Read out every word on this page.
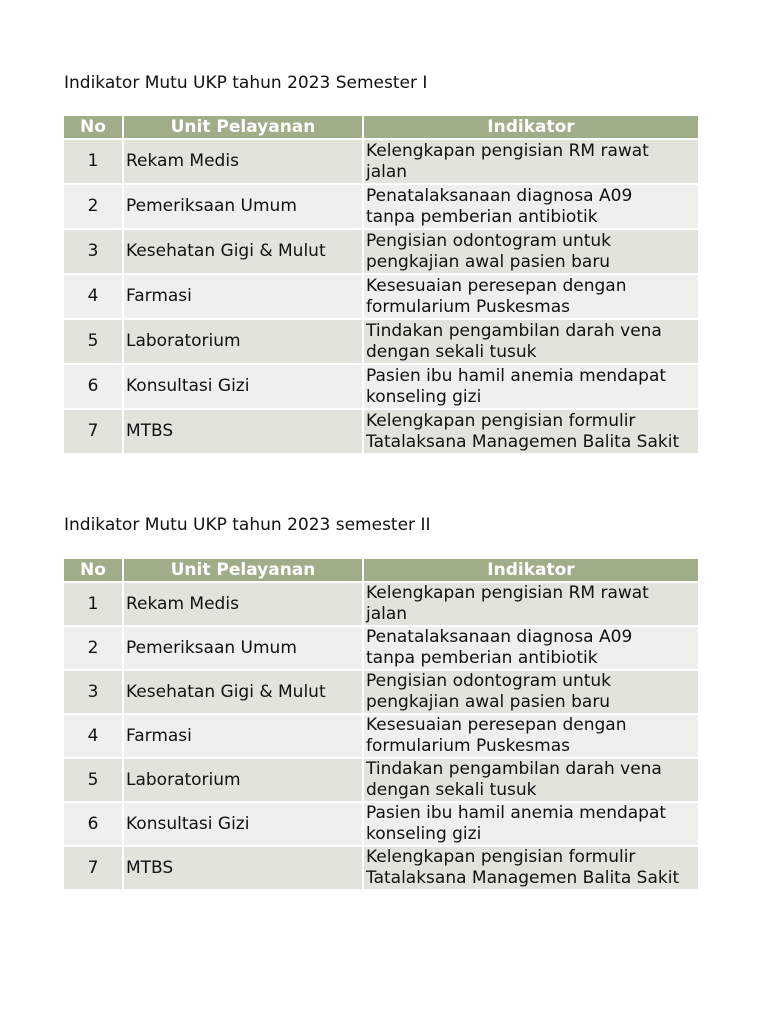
Indikator Mutu UKP tahun 2023 Semester I
No	Unit Pelayanan	Indikator
1	Rekam Medis	Kelengkapan pengisian RM rawat
jalan
2	Pemeriksaan Umum	Penatalaksanaan diagnosa A09
tanpa pemberian antibiotik
3	Kesehatan Gigi & Mulut	Pengisian odontogram untuk
pengkajian awal pasien baru
4	Farmasi	Kesesuaian peresepan dengan
formularium Puskesmas
5	Laboratorium	Tindakan pengambilan darah vena
dengan sekali tusuk
6	Konsultasi Gizi	Pasien ibu hamil anemia mendapat
konseling gizi
7	MTBS	Kelengkapan pengisian formulir
Tatalaksana Managemen Balita Sakit
Indikator Mutu UKP tahun 2023 semester II
No	Unit Pelayanan	Indikator
1	Rekam Medis	Kelengkapan pengisian RM rawat
jalan
2	Pemeriksaan Umum	Penatalaksanaan diagnosa A09
tanpa pemberian antibiotik
3	Kesehatan Gigi & Mulut	Pengisian odontogram untuk
pengkajian awal pasien baru
4	Farmasi	Kesesuaian peresepan dengan
formularium Puskesmas
5	Laboratorium	Tindakan pengambilan darah vena
dengan sekali tusuk
6	Konsultasi Gizi	Pasien ibu hamil anemia mendapat
konseling gizi
7	MTBS	Kelengkapan pengisian formulir
Tatalaksana Managemen Balita Sakit
